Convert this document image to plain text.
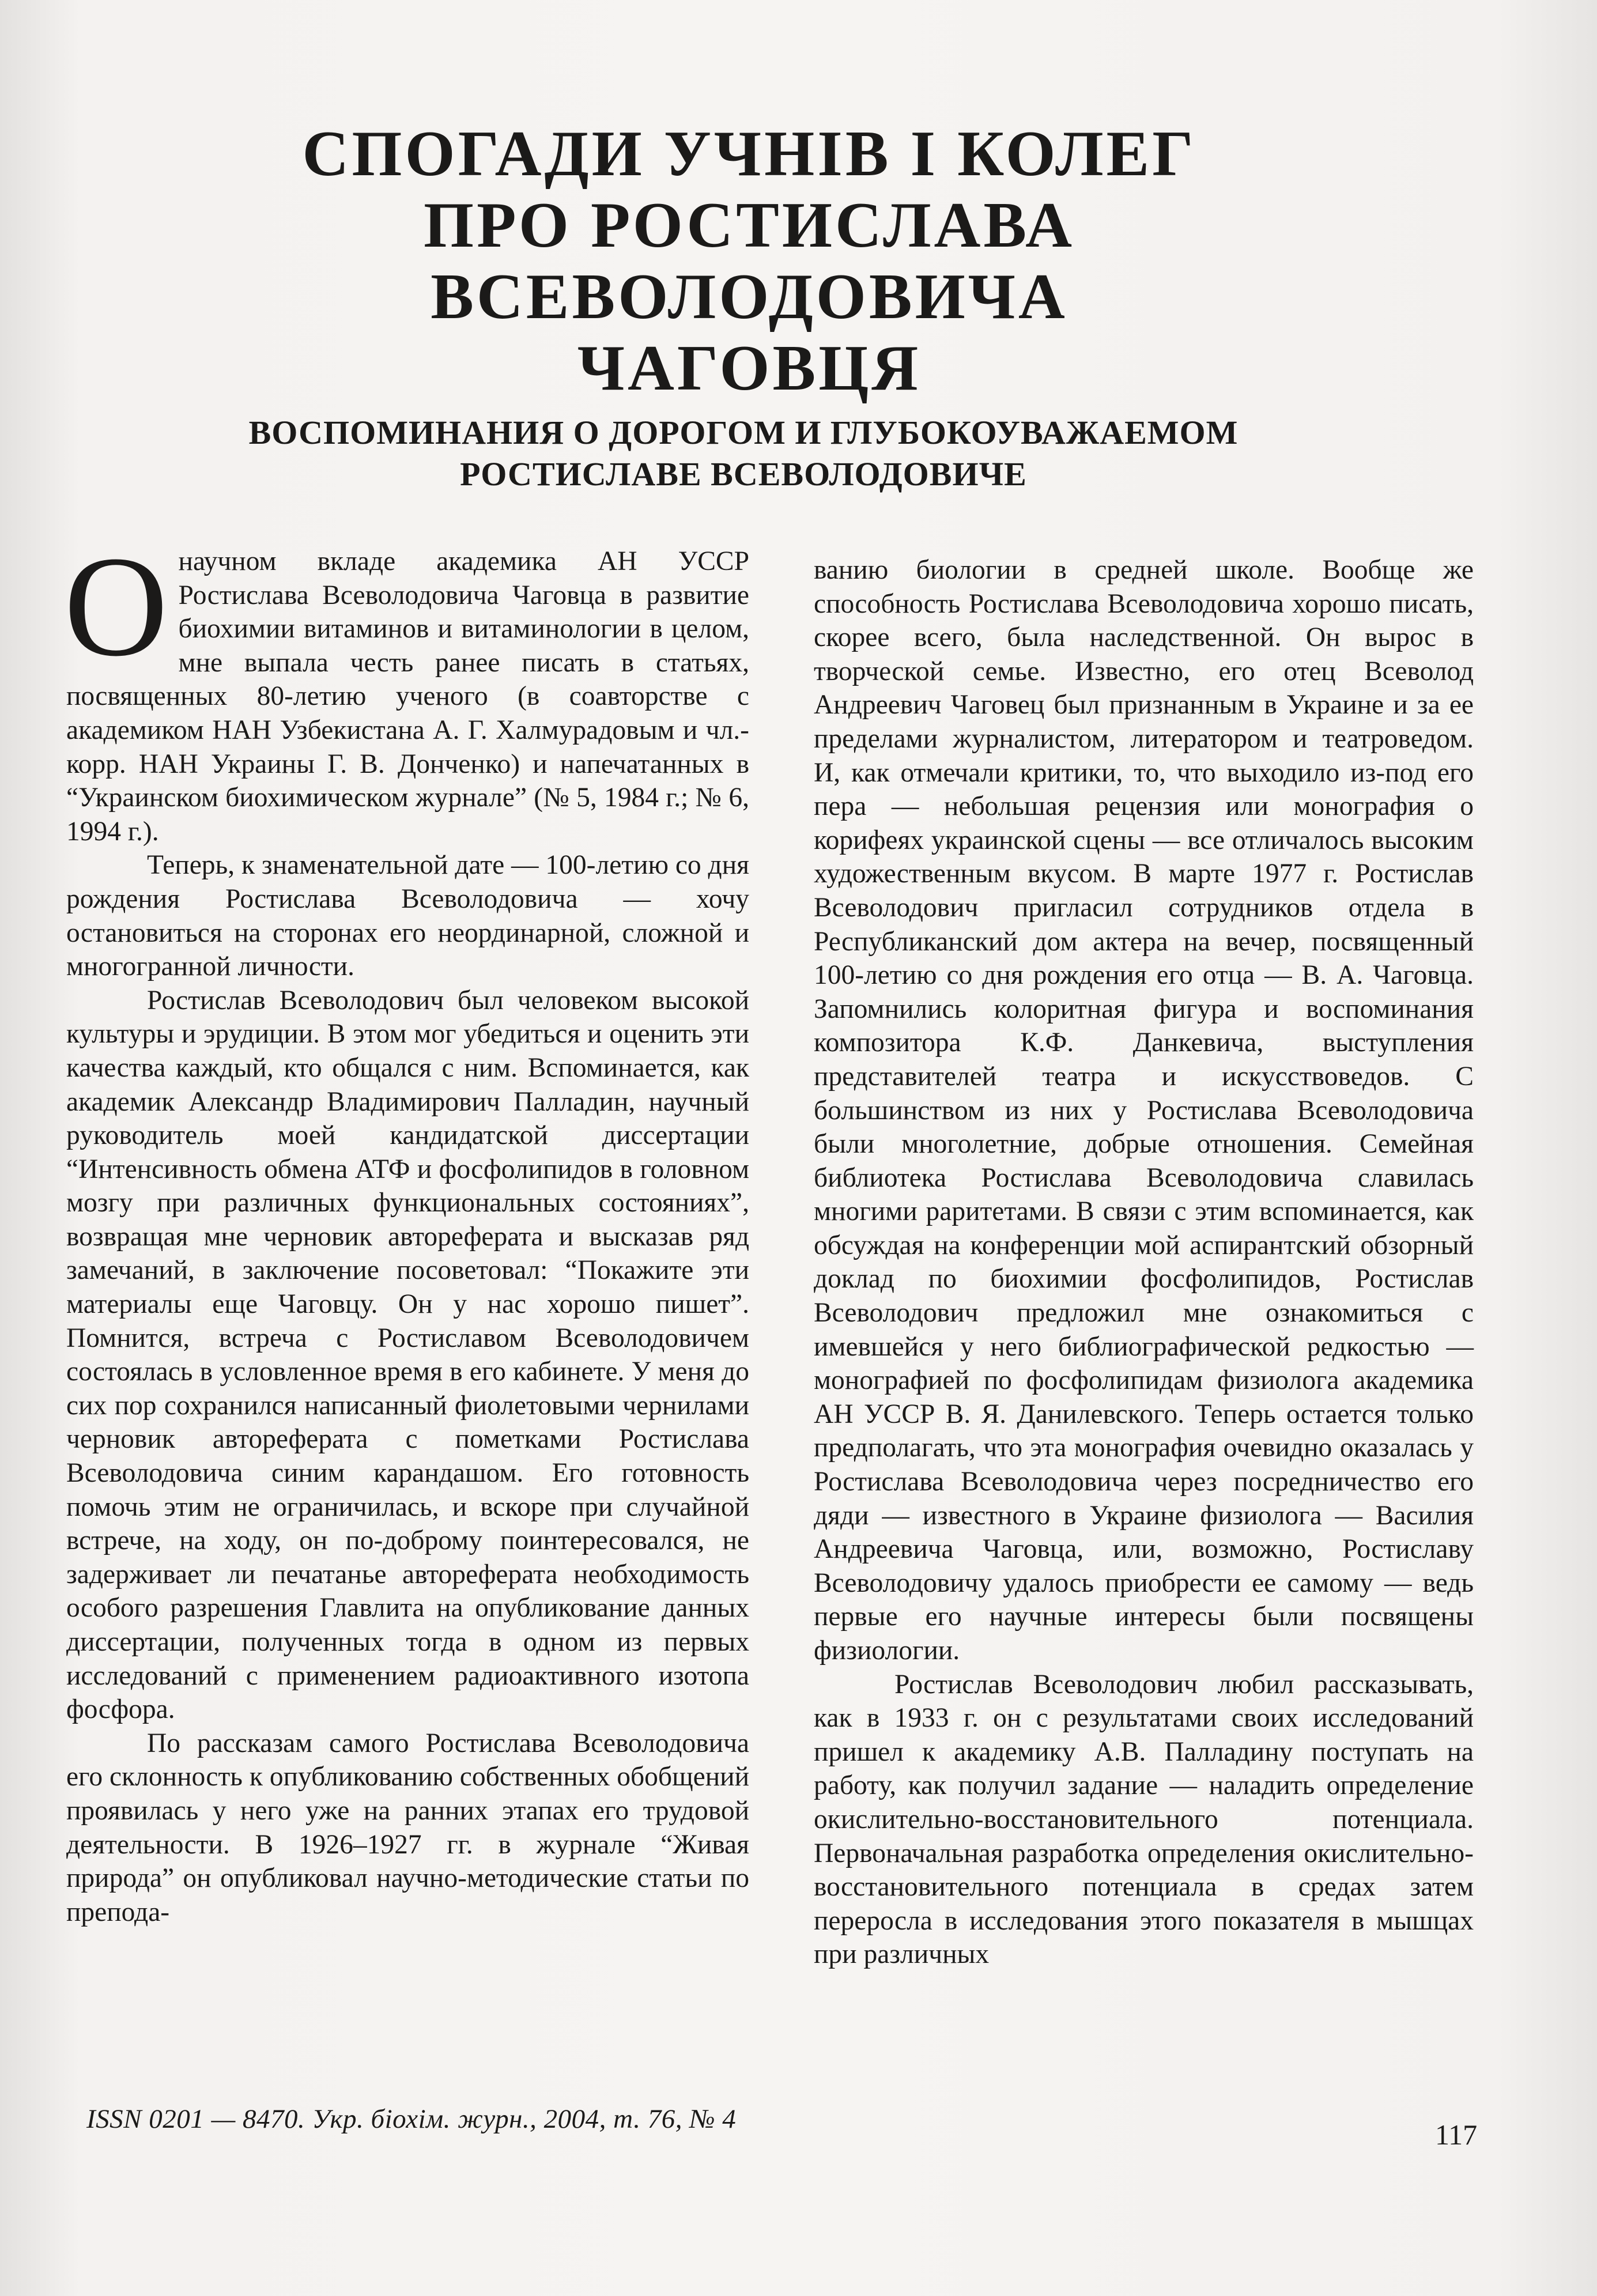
СПОГАДИ УЧНІВ І КОЛЕГ
ПРО РОСТИСЛАВА ВСЕВОЛОДОВИЧА
ЧАГОВЦЯ
ВОСПОМИНАНИЯ О ДОРОГОМ И ГЛУБОКОУВАЖАЕМОМ
РОСТИСЛАВЕ ВСЕВОЛОДОВИЧЕ

Онаучном вкладе академика АН УССР Ростислава Всеволодовича Чаговца в развитие биохимии витаминов и витаминологии в целом, мне выпала честь ранее писать в статьях, посвященных 80-летию ученого (в соавторстве с академиком НАН Узбекистана А. Г. Халмурадовым и чл.-корр. НАН Украины Г. В. Донченко) и напечатанных в “Украинском биохимическом журнале” (№ 5, 1984 г.; № 6, 1994 г.).

Теперь, к знаменательной дате — 100-летию со дня рождения Ростислава Всеволодовича — хочу остановиться на сторонах его неординарной, сложной и многогранной личности.

Ростислав Всеволодович был человеком высокой культуры и эрудиции. В этом мог убедиться и оценить эти качества каждый, кто общался с ним. Вспоминается, как академик Александр Владимирович Палладин, научный руководитель моей кандидатской диссертации “Интенсивность обмена АТФ и фосфолипидов в головном мозгу при различных функциональных состояниях”, возвращая мне черновик автореферата и высказав ряд замечаний, в заключение посоветовал: “Покажите эти материалы еще Чаговцу. Он у нас хорошо пишет”. Помнится, встреча с Ростиславом Всеволодовичем состоялась в условленное время в его кабинете. У меня до сих пор сохранился написанный фиолетовыми чернилами черновик автореферата с пометками Ростислава Всеволодовича синим карандашом. Его готовность помочь этим не ограничилась, и вскоре при случайной встрече, на ходу, он по-доброму поинтересовался, не задерживает ли печатанье автореферата необходимость особого разрешения Главлита на опубликование данных диссертации, полученных тогда в одном из первых исследований с применением радиоактивного изотопа фосфора.

По рассказам самого Ростислава Всеволодовича его склонность к опубликованию собственных обобщений проявилась у него уже на ранних этапах его трудовой деятельности. В 1926–1927 гг. в журнале “Живая природа” он опубликовал научно-методические статьи по препода-

ванию биологии в средней школе. Вообще же способность Ростислава Всеволодовича хорошо писать, скорее всего, была наследственной. Он вырос в творческой семье. Известно, его отец Всеволод Андреевич Чаговец был признанным в Украине и за ее пределами журналистом, литератором и театроведом. И, как отмечали критики, то, что выходило из-под его пера — небольшая рецензия или монография о корифеях украинской сцены — все отличалось высоким художественным вкусом. В марте 1977 г. Ростислав Всеволодович пригласил сотрудников отдела в Республиканский дом актера на вечер, посвященный 100-летию со дня рождения его отца — В. А. Чаговца. Запомнились колоритная фигура и воспоминания композитора К.Ф. Данкевича, выступления представителей театра и искусствоведов. С большинством из них у Ростислава Всеволодовича были многолетние, добрые отношения. Семейная библиотека Ростислава Всеволодовича славилась многими раритетами. В связи с этим вспоминается, как обсуждая на конференции мой аспирантский обзорный доклад по биохимии фосфолипидов, Ростислав Всеволодович предложил мне ознакомиться с имевшейся у него библиографической редкостью — монографией по фосфолипидам физиолога академика АН УССР В. Я. Данилевского. Теперь остается только предполагать, что эта монография очевидно оказалась у Ростислава Всеволодовича через посредничество его дяди — известного в Украине физиолога — Василия Андреевича Чаговца, или, возможно, Ростиславу Всеволодовичу удалось приобрести ее самому — ведь первые его научные интересы были посвящены физиологии.

Ростислав Всеволодович любил рассказывать, как в 1933 г. он с результатами своих исследований пришел к академику А.В. Палладину поступать на работу, как получил задание — наладить определение окислительно-восстановительного потенциала. Первоначальная разработка определения окислительно-восстановительного потенциала в средах затем переросла в исследования этого показателя в мышцах при различных

ISSN 0201 — 8470. Укр. біохім. журн., 2004, т. 76, № 4	117
